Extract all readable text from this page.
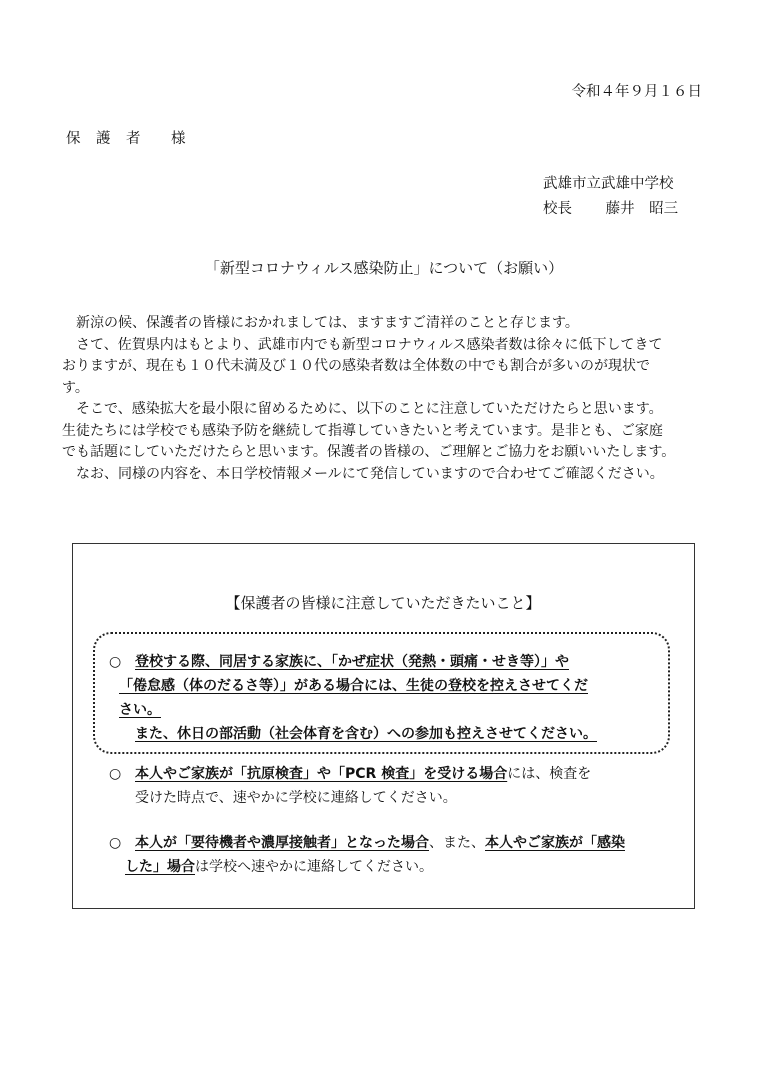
令和４年９月１６日
保　護　者　　様
武雄市立武雄中学校
校長　　 藤井　昭三
「新型コロナウィルス感染防止」について（お願い）

新涼の候、保護者の皆様におかれましては、ますますご清祥のことと存じます。

さて、佐賀県内はもとより、武雄市内でも新型コロナウィルス感染者数は徐々に低下してきて

おりますが、現在も１０代未満及び１０代の感染者数は全体数の中でも割合が多いのが現状で

す。

そこで、感染拡大を最小限に留めるために、以下のことに注意していただけたらと思います。

生徒たちには学校でも感染予防を継続して指導していきたいと考えています。是非とも、ご家庭

でも話題にしていただけたらと思います。保護者の皆様の、ご理解とご協力をお願いいたします。

なお、同様の内容を、本日学校情報メールにて発信していますので合わせてご確認ください。

【保護者の皆様に注意していただきたいこと】
○ 登校する際、同居する家族に、「かぜ症状（発熱・頭痛・せき等）」や
「倦怠感（体のだるさ等）」がある場合には、生徒の登校を控えさせてくだ
さい。
また、休日の部活動（社会体育を含む）への参加も控えさせてください。
○ 本人やご家族が「抗原検査」や「PCR 検査」を受ける場合には、検査を
受けた時点で、速やかに学校に連絡してください。
○ 本人が「要待機者や濃厚接触者」となった場合、また、本人やご家族が「感染
した」場合は学校へ速やかに連絡してください。
